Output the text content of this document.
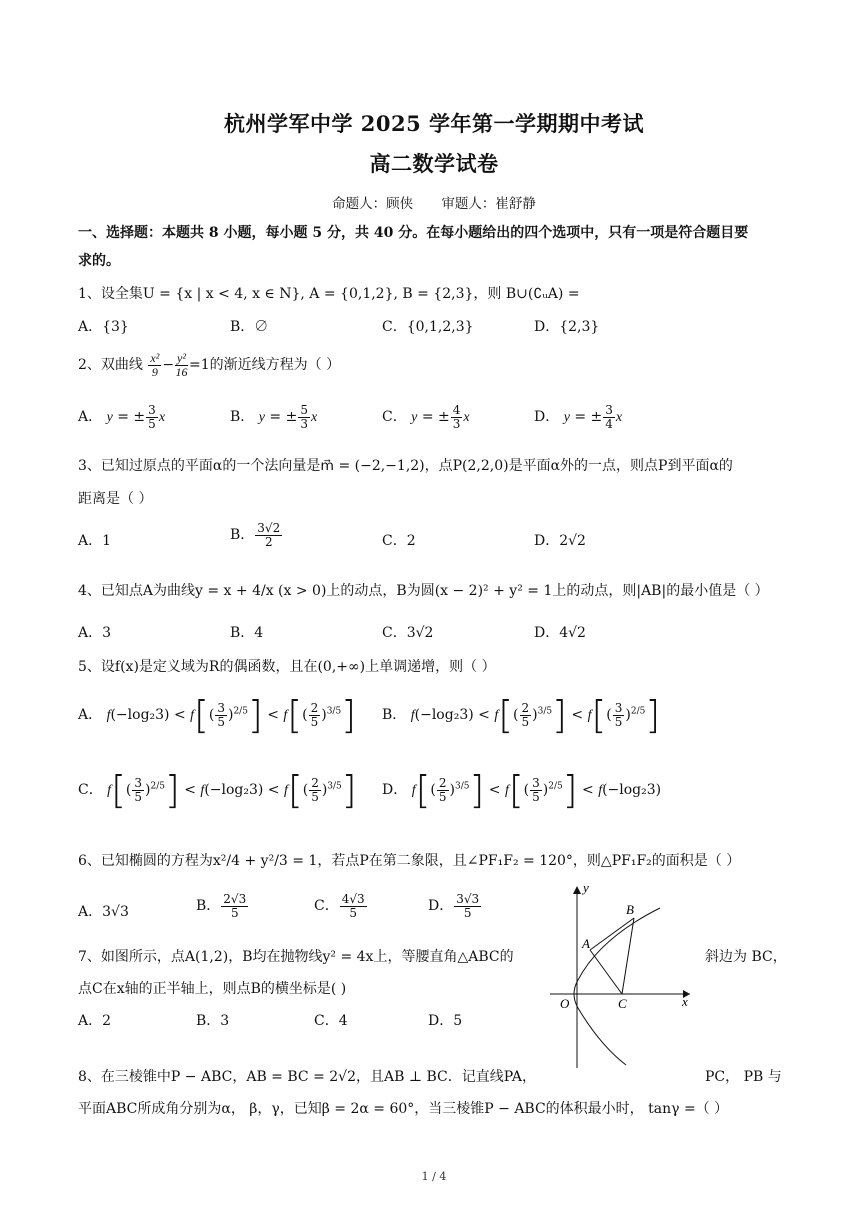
杭州学军中学 2025 学年第一学期期中考试
高二数学试卷
命题人：顾侠 审题人：崔舒静
一、选择题：本题共 8 小题，每小题 5 分，共 40 分。在每小题给出的四个选项中，只有一项是符合题目要
求的。
1、设全集U = {x | x < 4, x ∈ N}, A = {0,1,2}, B = {2,3}，则 B∪(∁ᵤA) =
A．{3}	B．∅	C．{0,1,2,3}	D．{2,3}
2、双曲线 $\frac{\text{x²}}{9} - \frac{\text{y²}}{16} =1$的渐近线方程为（ ）
A． y = ± $\frac{3}{5}$ x	B． y = ± $\frac{5}{3}$ x	C． y = ± $\frac{4}{3}$ x	D． y = ± $\frac{3}{4}$ x
3、已知过原点的平面α的一个法向量是m⃗ = (−2,−1,2)，点P(2,2,0)是平面α外的一点，则点P到平面α的
距离是（ ）
A．1	B． $\frac{3√2}{2}$	C．2	D．2√2
4、已知点A为曲线y = x + 4/x (x > 0)上的动点，B为圆(x − 2)² + y² = 1上的动点，则|AB|的最小值是（ ）
A．3	B．4	C．3√2	D．4√2
5、设f(x)是定义域为R的偶函数，且在(0,+∞)上单调递增，则（ ）
A． $f(-\log_23) < f[( \frac{3}{5} )^{2/5}] < f[( \frac{2}{5} )^{3/5}]$ B． $f(-\log_23) < f[( \frac{2}{5} )^{3/5}] < f[( \frac{3}{5} )^{2/5}]$
C． $f[( \frac{3}{5} )^{2/5}] < f(-\log_23) < f[( \frac{2}{5} )^{3/5}]$ D． $f[( \frac{2}{5} )^{3/5}] < f[( \frac{3}{5} )^{2/5}] < f(-\log_23)$
6、已知椭圆的方程为x²/4 + y²/3 = 1，若点P在第二象限，且∠PF₁F₂ = 120°，则△PF₁F₂的面积是（ ）
A．3√3	B． $\frac{2√3}{5}$	C． $\frac{4√3}{5}$	D． $\frac{3√3}{5}$
7、如图所示，点A(1,2)，B均在抛物线y² = 4x上，等腰直角△ABC的	斜边为 BC，
点C在x轴的正半轴上，则点B的横坐标是( )
A．2	B．3	C．4	D．5
y
x
O
A
B
C
8、在三棱锥中P − ABC，AB = BC = 2√2，且AB ⊥ BC．记直线PA，	PC， PB 与
平面ABC所成角分别为α， β，γ，已知β = 2α = 60°，当三棱锥P − ABC的体积最小时， tanγ =（ ）
1 / 4
